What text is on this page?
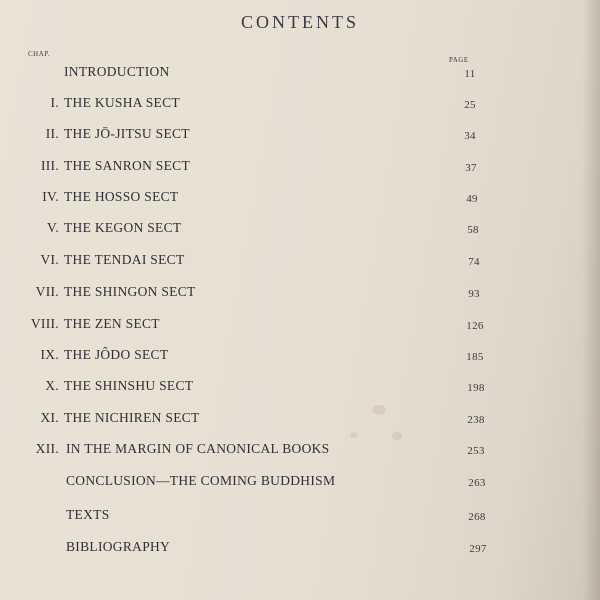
CONTENTS
CHAP.
PAGE
INTRODUCTION	11
I. THE KUSHA SECT	25
II. THE JŌ-JITSU SECT	34
III. THE SANRON SECT	37
IV. THE HOSSO SECT	49
V. THE KEGON SECT	58
VI. THE TENDAI SECT	74
VII. THE SHINGON SECT	93
VIII. THE ZEN SECT	126
IX. THE JÔDO SECT	185
X. THE SHINSHU SECT	198
XI. THE NICHIREN SECT	238
XII. IN THE MARGIN OF CANONICAL BOOKS	253
CONCLUSION—THE COMING BUDDHISM	263
TEXTS	268
BIBLIOGRAPHY	297
